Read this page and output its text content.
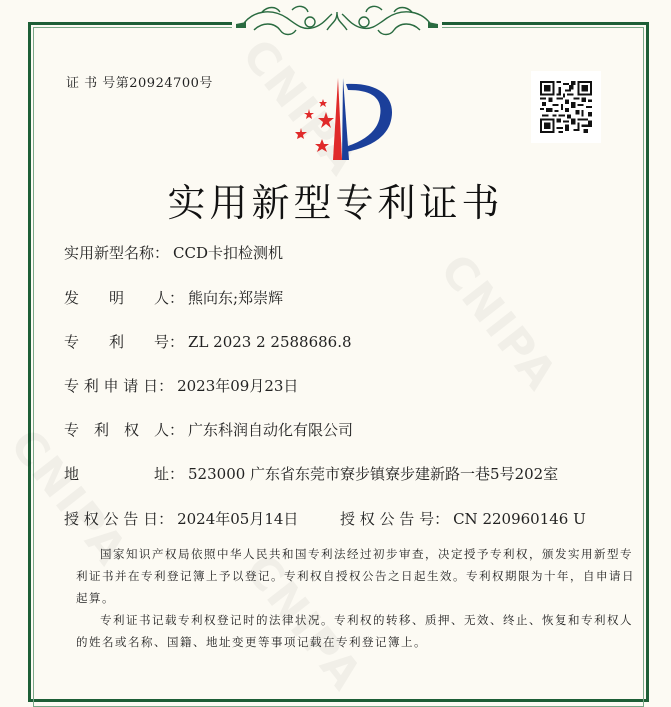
证 书 号第20924700号
实用新型专利证书
实用新型名称： CCD卡扣检测机
发　　明　　人： 熊向东;郑崇辉
专　　利　　号： ZL 2023 2 2588686.8
专 利 申 请 日： 2023年09月23日
专　利　权　人： 广东科润自动化有限公司
地　　　　　址： 523000 广东省东莞市寮步镇寮步建新路一巷5号202室
授 权 公 告 日： 2024年05月14日	授 权 公 告 号： CN 220960146 U
国家知识产权局依照中华人民共和国专利法经过初步审查，决定授予专利权，颁发实用新型专利证书并在专利登记簿上予以登记。专利权自授权公告之日起生效。专利权期限为十年，自申请日起算。
专利证书记载专利权登记时的法律状况。专利权的转移、质押、无效、终止、恢复和专利权人的姓名或名称、国籍、地址变更等事项记载在专利登记簿上。
